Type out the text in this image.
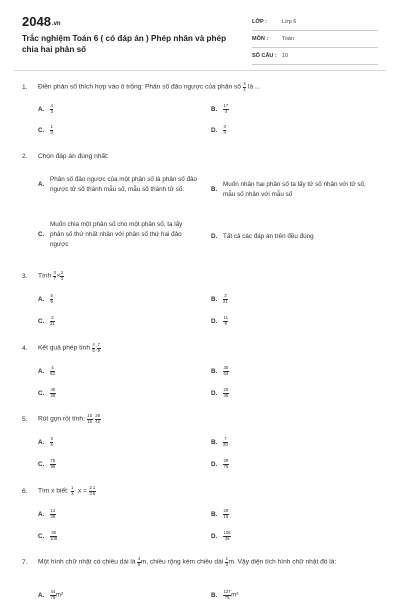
2048.vn
Trắc nghiệm Toán 6 ( có đáp án ) Phép nhân và phép chia hai phân số
LỚP :	Lớp 6
MÔN :	Toán
SỐ CÂU : 10
1. Điền phân số thích hợp vào ô trống: Phân số đảo ngược của phân số $\frac{3}{4}$ là ...
A. $\frac{4}{3}$	B. $\frac{17}{4}$
C. $\frac{1}{3}$	D. $\frac{3}{4}$
2. Chọn đáp án đúng nhất:
A.
Phân số đảo ngược của một phân số là phân số đảo ngược tử số thành mẫu số, mẫu số thành tử số.	B.
Muốn nhân hai phân số ta lấy tử số nhân với tử số, mẫu số nhân với mẫu số
C.
Muốn chia một phân số cho một phân số, ta lấy phân số thứ nhất nhân với phân số thứ hai đảo ngược
D. Tất cả các đáp án trên đều đúng
3. Tính $\frac{3}{7} \times \frac{2}{3}$
A. $\frac{5}{9}$	B. $\frac{3}{21}$
C. $\frac{2}{21}$	D. $\frac{11}{9}$
4. Kết quả phép tính $\frac{4}{5}$ : $\frac{7}{9}$
A. $\frac{4}{63}$	B. $\frac{30}{63}$
C. $\frac{45}{28}$	D. $\frac{28}{45}$
5. Rút gọn rồi tính: $\frac{15}{16} \cdot \frac{28}{42}$
A. $\frac{3}{5}$	B. $\frac{7}{20}$
C. $\frac{75}{98}$	D. $\frac{28}{75}$
6. Tìm x biết: $\frac{1}{3} \cdot x = \frac{2}{3} \frac{1}{5}$
A. $\frac{12}{28}$	B. $\frac{28}{15}$
C. $\frac{35}{108}$	D. $\frac{108}{35}$
7. Một hình chữ nhật có chiều dài là $\frac{4}{5} m$, chiều rộng kém chiều dài $\frac{1}{3} m$. Vậy diện tích hình chữ nhật đó là:
A. $\frac{44}{75} m^2$	B. $\frac{127}{75} m^2$
